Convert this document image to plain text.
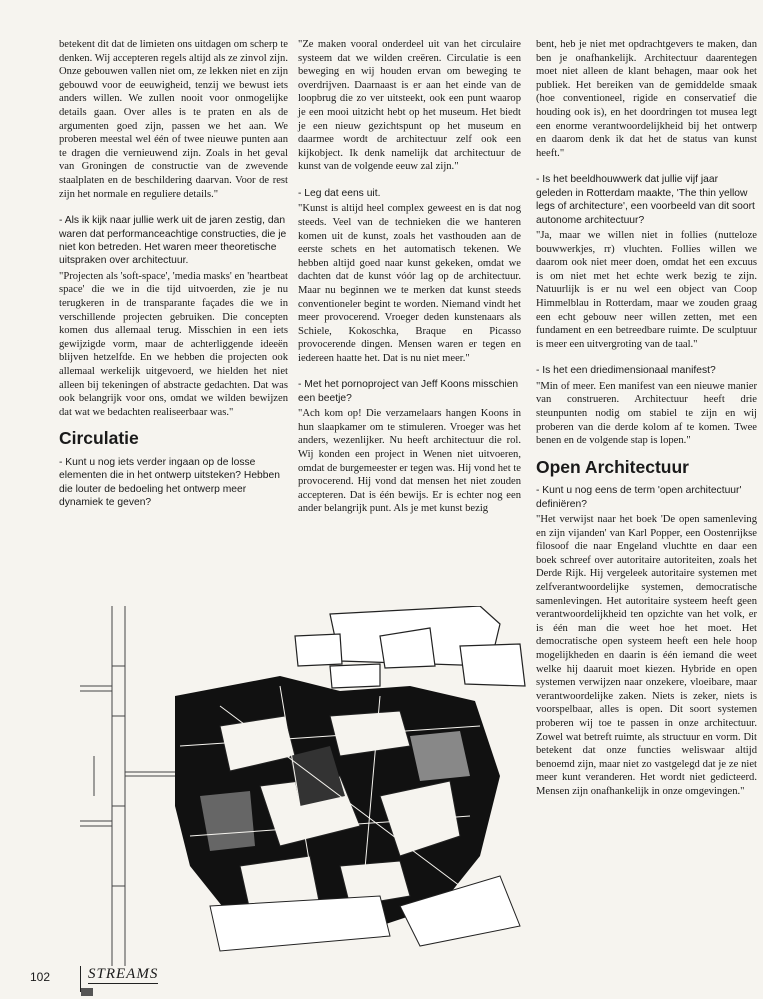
betekent dit dat de limieten ons uitdagen om scherp te denken. Wij accepteren regels altijd als ze zinvol zijn. Onze gebouwen vallen niet om, ze lekken niet en zijn gebouwd voor de eeuwigheid, tenzij we bewust iets anders willen. We zullen nooit voor onmogelijke details gaan. Over alles is te praten en als de argumenten goed zijn, passen we het aan. We proberen meestal wel één of twee nieuwe punten aan te dragen die vernieuwend zijn. Zoals in het geval van Groningen de constructie van de zwevende staalplaten en de beschildering daarvan. Voor de rest zijn het normale en reguliere details."

- Als ik kijk naar jullie werk uit de jaren zestig, dan waren dat performanceachtige constructies, die je niet kon betreden. Het waren meer theoretische uitspraken over architectuur.

"Projecten als 'soft-space', 'media masks' en 'heartbeat space' die we in die tijd uitvoerden, zie je nu terugkeren in de transparante façades die we in verschillende projecten gebruiken. Die concepten komen dus allemaal terug. Misschien in een iets gewijzigde vorm, maar de achterliggende ideeën blijven hetzelfde. En we hebben die projecten ook allemaal werkelijk uitgevoerd, we hielden het niet alleen bij tekeningen of abstracte gedachten. Dat was ook belangrijk voor ons, omdat we wilden bewijzen dat wat we bedachten realiseerbaar was."

Circulatie

- Kunt u nog iets verder ingaan op de losse elementen die in het ontwerp uitsteken? Hebben die louter de bedoeling het ontwerp meer dynamiek te geven?

"Ze maken vooral onderdeel uit van het circulaire systeem dat we wilden creëren. Circulatie is een beweging en wij houden ervan om beweging te overdrijven. Daarnaast is er aan het einde van de loopbrug die zo ver uitsteekt, ook een punt waarop je een mooi uitzicht hebt op het museum. Het biedt je een nieuw gezichtspunt op het museum en daarmee wordt de architectuur zelf ook een kijkobject. Ik denk namelijk dat architectuur de kunst van de volgende eeuw zal zijn."

- Leg dat eens uit.

"Kunst is altijd heel complex geweest en is dat nog steeds. Veel van de technieken die we hanteren komen uit de kunst, zoals het vasthouden aan de eerste schets en het automatisch tekenen. We hebben altijd goed naar kunst gekeken, omdat we dachten dat de kunst vóór lag op de architectuur. Maar nu beginnen we te merken dat kunst steeds conventioneler begint te worden. Niemand vindt het meer provocerend. Vroeger deden kunstenaars als Schiele, Kokoschka, Braque en Picasso provocerende dingen. Mensen waren er tegen en iedereen haatte het. Dat is nu niet meer."

- Met het pornoproject van Jeff Koons misschien een beetje?

"Ach kom op! Die verzamelaars hangen Koons in hun slaapkamer om te stimuleren. Vroeger was het anders, wezenlijker. Nu heeft architectuur die rol. Wij konden een project in Wenen niet uitvoeren, omdat de burgemeester er tegen was. Hij vond het te provocerend. Hij vond dat mensen het niet zouden accepteren. Dat is één bewijs. Er is echter nog een ander belangrijk punt. Als je met kunst bezig

bent, heb je niet met opdrachtgevers te maken, dan ben je onafhankelijk. Architectuur daarentegen moet niet alleen de klant behagen, maar ook het publiek. Het bereiken van de gemiddelde smaak (hoe conventioneel, rigide en conservatief die houding ook is), en het doordringen tot musea legt een enorme verantwoordelijkheid bij het ontwerp en daarom denk ik dat het de status van kunst heeft."

- Is het beeldhouwwerk dat jullie vijf jaar geleden in Rotterdam maakte, 'The thin yellow legs of architecture', een voorbeeld van dit soort autonome architectuur?

"Ja, maar we willen niet in follies (nutteloze bouwwerkjes, rr) vluchten. Follies willen we daarom ook niet meer doen, omdat het een excuus is om niet met het echte werk bezig te zijn. Natuurlijk is er nu wel een object van Coop Himmelblau in Rotterdam, maar we zouden graag een echt gebouw neer willen zetten, met een fundament en een betreedbare ruimte. De sculptuur is meer een uitvergroting van de taal."

- Is het een driedimensionaal manifest?

"Min of meer. Een manifest van een nieuwe manier van construeren. Architectuur heeft drie steunpunten nodig om stabiel te zijn en wij proberen van die derde kolom af te komen. Twee benen en de volgende stap is lopen."

Open Architectuur

- Kunt u nog eens de term 'open architectuur' definiëren?

"Het verwijst naar het boek 'De open samenleving en zijn vijanden' van Karl Popper, een Oostenrijkse filosoof die naar Engeland vluchtte en daar een boek schreef over autoritaire autoriteiten, zoals het Derde Rijk. Hij vergeleek autoritaire systemen met zelfverantwoordelijke systemen, democratische samenlevingen. Het autoritaire systeem heeft geen verantwoordelijkheid ten opzichte van het volk, er is één man die weet hoe het moet. Het democratische open systeem heeft een hele hoop mogelijkheden en daarin is één iemand die weet welke hij daaruit moet kiezen. Hybride en open systemen verwijzen naar onzekere, vloeibare, maar verantwoordelijke zaken. Niets is zeker, niets is voorspelbaar, alles is open. Dit soort systemen proberen wij toe te passen in onze architectuur. Zowel wat betreft ruimte, als structuur en vorm. Dit betekent dat onze functies weliswaar altijd benoemd zijn, maar niet zo vastgelegd dat je ze niet meer kunt veranderen. Het wordt niet gedicteerd. Mensen zijn onafhankelijk in onze omgevingen."

102	STREAMS
